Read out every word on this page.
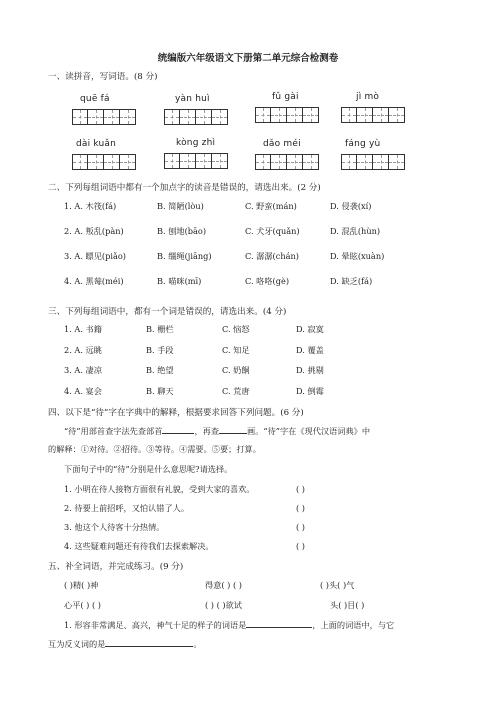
统编版六年级语文下册第二单元综合检测卷
一、读拼音，写词语。(8 分)
quē fá	yàn huì	fǔ gài	jì mò
dài kuǎn	kòng zhì	dǎo méi	fáng yù
二、下列每组词语中都有一个加点字的读音是错误的，请选出来。(2 分)
1. A. 木筏(fá)	B. 简陋(lòu)	C. 野蛮(mán)	D. 侵袭(xí)
2. A. 叛乱(pàn)	B. 刨地(bāo)	C. 犬牙(quǎn)	D. 混乱(hùn)
3. A. 瞟见(piǎo)	B. 缰绳(jiāng)	C. 潺潺(chán)	D. 晕眩(xuàn)
4. A. 黑莓(méi)	B. 喵咪(mī)	C. 咯咯(gè)	D. 缺乏(fá)
三、下列每组词语中，都有一个词是错误的，请选出来。(4 分)
1. A. 书籍	B. 栅栏	C. 恼怒	D. 寂寞
2. A. 远眺	B. 手段	C. 知足	D. 覆盖
3. A. 凄凉	B. 绝望	C. 奶餇	D. 挑剔
4. A. 宴会	B. 聊天	C. 荒唐	D. 倒霉
四、以下是“待”字在字典中的解释，根据要求回答下列问题。(6 分)
“待”用部首查字法先查部首	，再查	画。“待”字在《现代汉语词典》中
的解释：①对待。②招待。③等待。④需要。⑤要；打算。
下面句子中的“待”分别是什么意思呢?请选择。
1. 小明在待人接物方面很有礼貌，受到大家的喜欢。	( )
2. 待要上前招呼，又怕认错了人。	( )
3. 他这个人待客十分热情。	( )
4. 这些疑难问题还有待我们去探索解决。	( )
五、补全词语，并完成练习。(9 分)
( )精( )神	得意( ) ( )	( )头( )气
心平( ) ( )	( ) ( )欲试	头( )目( )
1. 形容非常满足、高兴，神气十足的样子的词语是	，上面的词语中，与它
互为反义词的是	。
